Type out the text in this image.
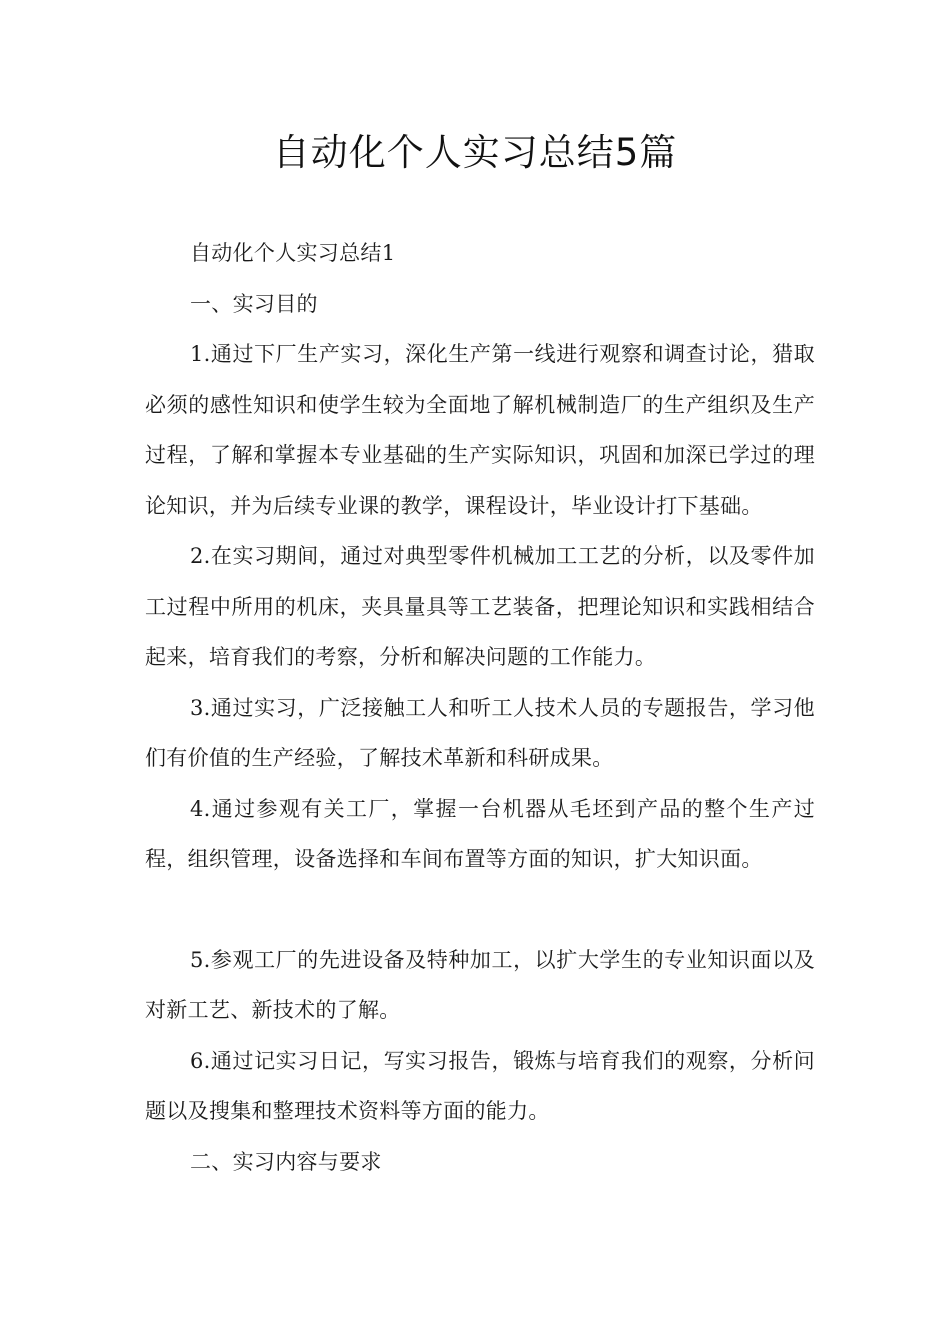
自动化个人实习总结5篇

自动化个人实习总结1

一、实习目的

1.通过下厂生产实习，深化生产第一线进行观察和调查讨论，猎取必须的感性知识和使学生较为全面地了解机械制造厂的生产组织及生产过程，了解和掌握本专业基础的生产实际知识，巩固和加深已学过的理论知识，并为后续专业课的教学，课程设计，毕业设计打下基础。

2.在实习期间，通过对典型零件机械加工工艺的分析，以及零件加工过程中所用的机床，夹具量具等工艺装备，把理论知识和实践相结合起来，培育我们的考察，分析和解决问题的工作能力。

3.通过实习，广泛接触工人和听工人技术人员的专题报告，学习他们有价值的生产经验，了解技术革新和科研成果。

4.通过参观有关工厂，掌握一台机器从毛坯到产品的整个生产过程，组织管理，设备选择和车间布置等方面的知识，扩大知识面。

5.参观工厂的先进设备及特种加工，以扩大学生的专业知识面以及对新工艺、新技术的了解。

6.通过记实习日记，写实习报告，锻炼与培育我们的观察，分析问题以及搜集和整理技术资料等方面的能力。

二、实习内容与要求
